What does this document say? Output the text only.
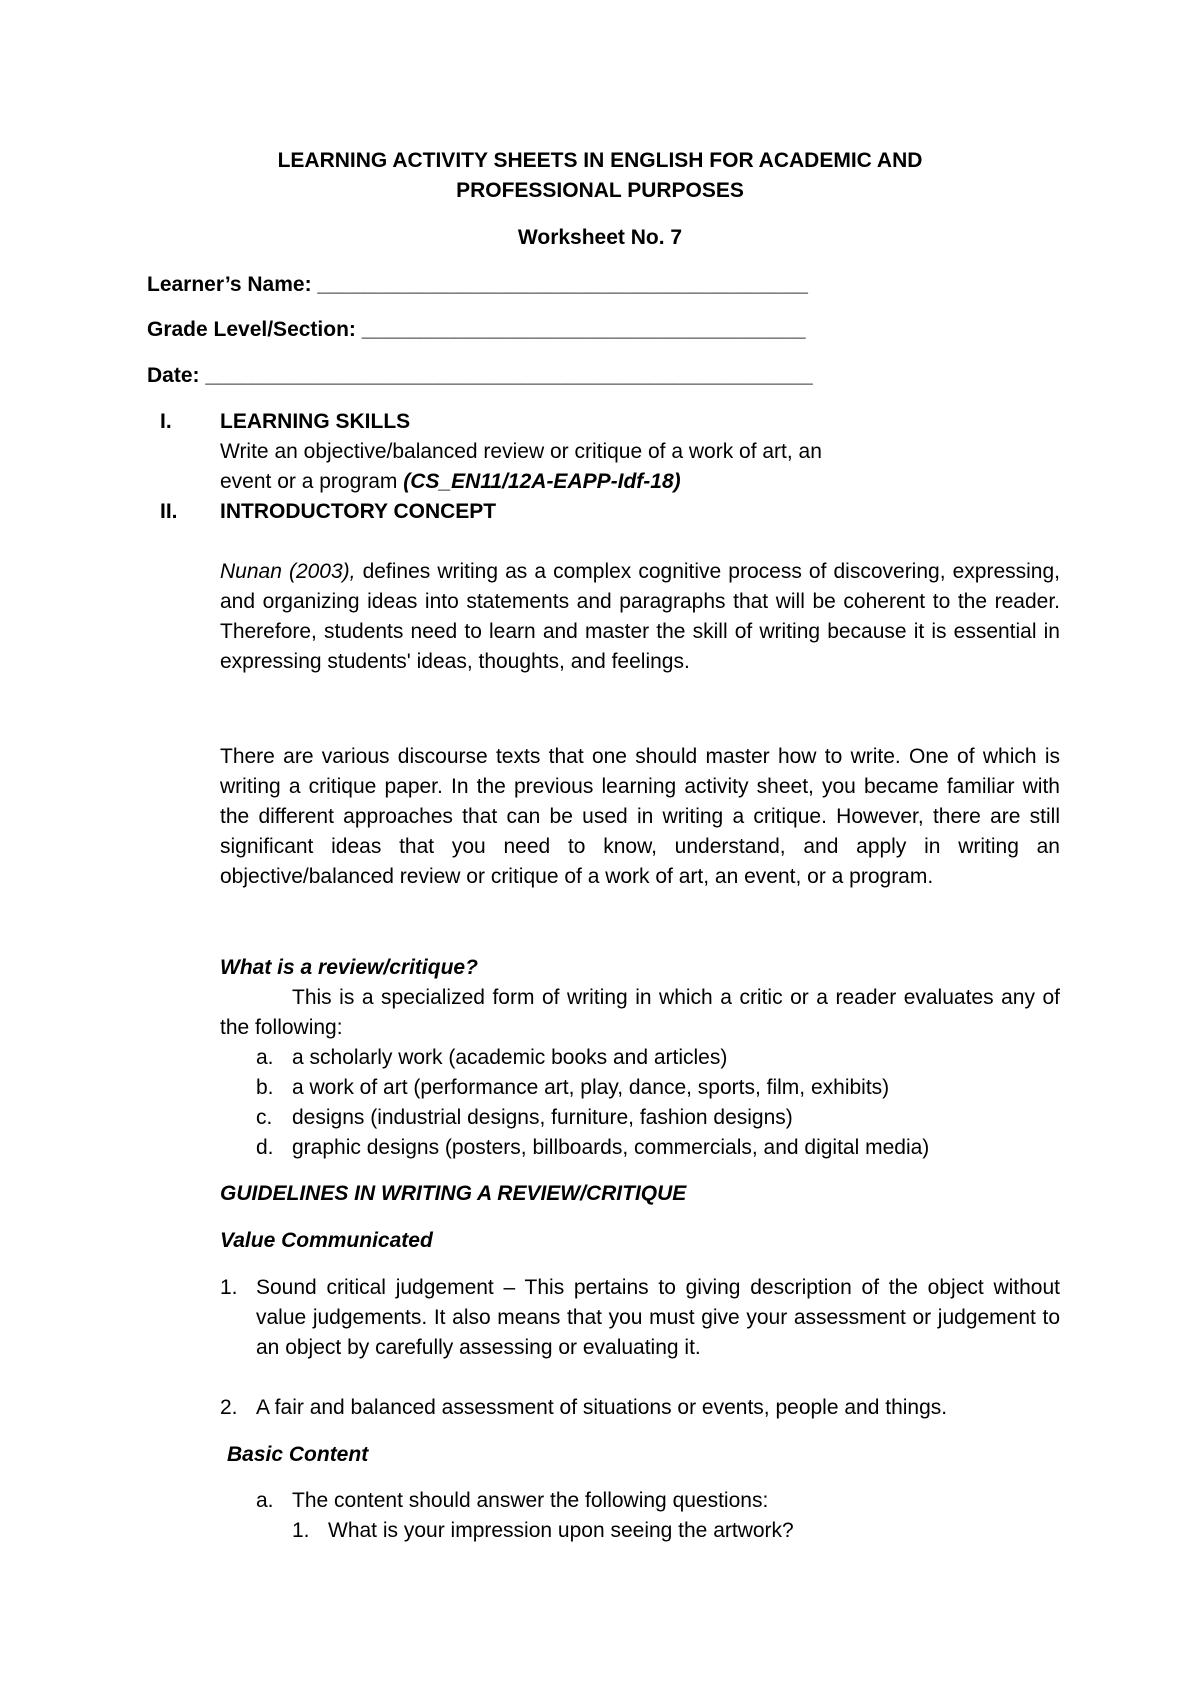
LEARNING ACTIVITY SHEETS IN ENGLISH FOR ACADEMIC AND
PROFESSIONAL PURPOSES
Worksheet No. 7
Learner’s Name: __________________________________________
Grade Level/Section: ______________________________________
Date: ____________________________________________________
I. LEARNING SKILLS
Write an objective/balanced review or critique of a work of art, an
event or a program (CS_EN11/12A-EAPP-Idf-18)
II. INTRODUCTORY CONCEPT
Nunan (2003), defines writing as a complex cognitive process of discovering, expressing, and organizing ideas into statements and paragraphs that will be coherent to the reader. Therefore, students need to learn and master the skill of writing because it is essential in expressing students' ideas, thoughts, and feelings.
There are various discourse texts that one should master how to write. One of which is writing a critique paper. In the previous learning activity sheet, you became familiar with the different approaches that can be used in writing a critique. However, there are still significant ideas that you need to know, understand, and apply in writing an objective/balanced review or critique of a work of art, an event, or a program.
What is a review/critique?
This is a specialized form of writing in which a critic or a reader evaluates any of the following:
a. a scholarly work (academic books and articles)
b. a work of art (performance art, play, dance, sports, film, exhibits)
c. designs (industrial designs, furniture, fashion designs)
d. graphic designs (posters, billboards, commercials, and digital media)
GUIDELINES IN WRITING A REVIEW/CRITIQUE
Value Communicated
1. Sound critical judgement – This pertains to giving description of the object without value judgements. It also means that you must give your assessment or judgement to an object by carefully assessing or evaluating it.
2. A fair and balanced assessment of situations or events, people and things.
Basic Content
a. The content should answer the following questions:
1. What is your impression upon seeing the artwork?
